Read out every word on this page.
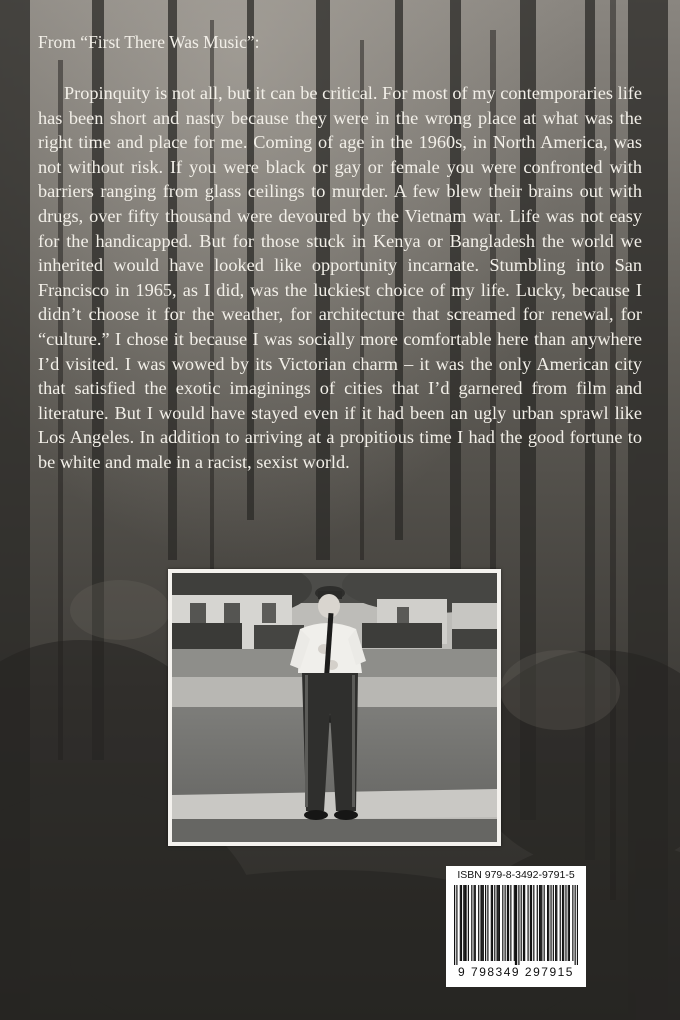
From “First There Was Music”:

Propinquity is not all, but it can be critical. For most of my contemporaries life has been short and nasty because they were in the wrong place at what was the right time and place for me. Coming of age in the 1960s, in North America, was not without risk. If you were black or gay or female you were confronted with barriers ranging from glass ceilings to murder. A few blew their brains out with drugs, over fifty thousand were devoured by the Vietnam war. Life was not easy for the handicapped. But for those stuck in Kenya or Bangladesh the world we inherited would have looked like opportunity incarnate. Stumbling into San Francisco in 1965, as I did, was the luckiest choice of my life. Lucky, because I didn’t choose it for the weather, for architecture that screamed for renewal, for “culture.” I chose it because I was socially more comfortable here than anywhere I’d visited. I was wowed by its Victorian charm – it was the only American city that satisfied the exotic imaginings of cities that I’d garnered from film and literature. But I would have stayed even if it had been an ugly urban sprawl like Los Angeles. In addition to arriving at a propitious time I had the good fortune to be white and male in a racist, sexist world.

ISBN 979-8-3492-9791-5
9 798349 297915
